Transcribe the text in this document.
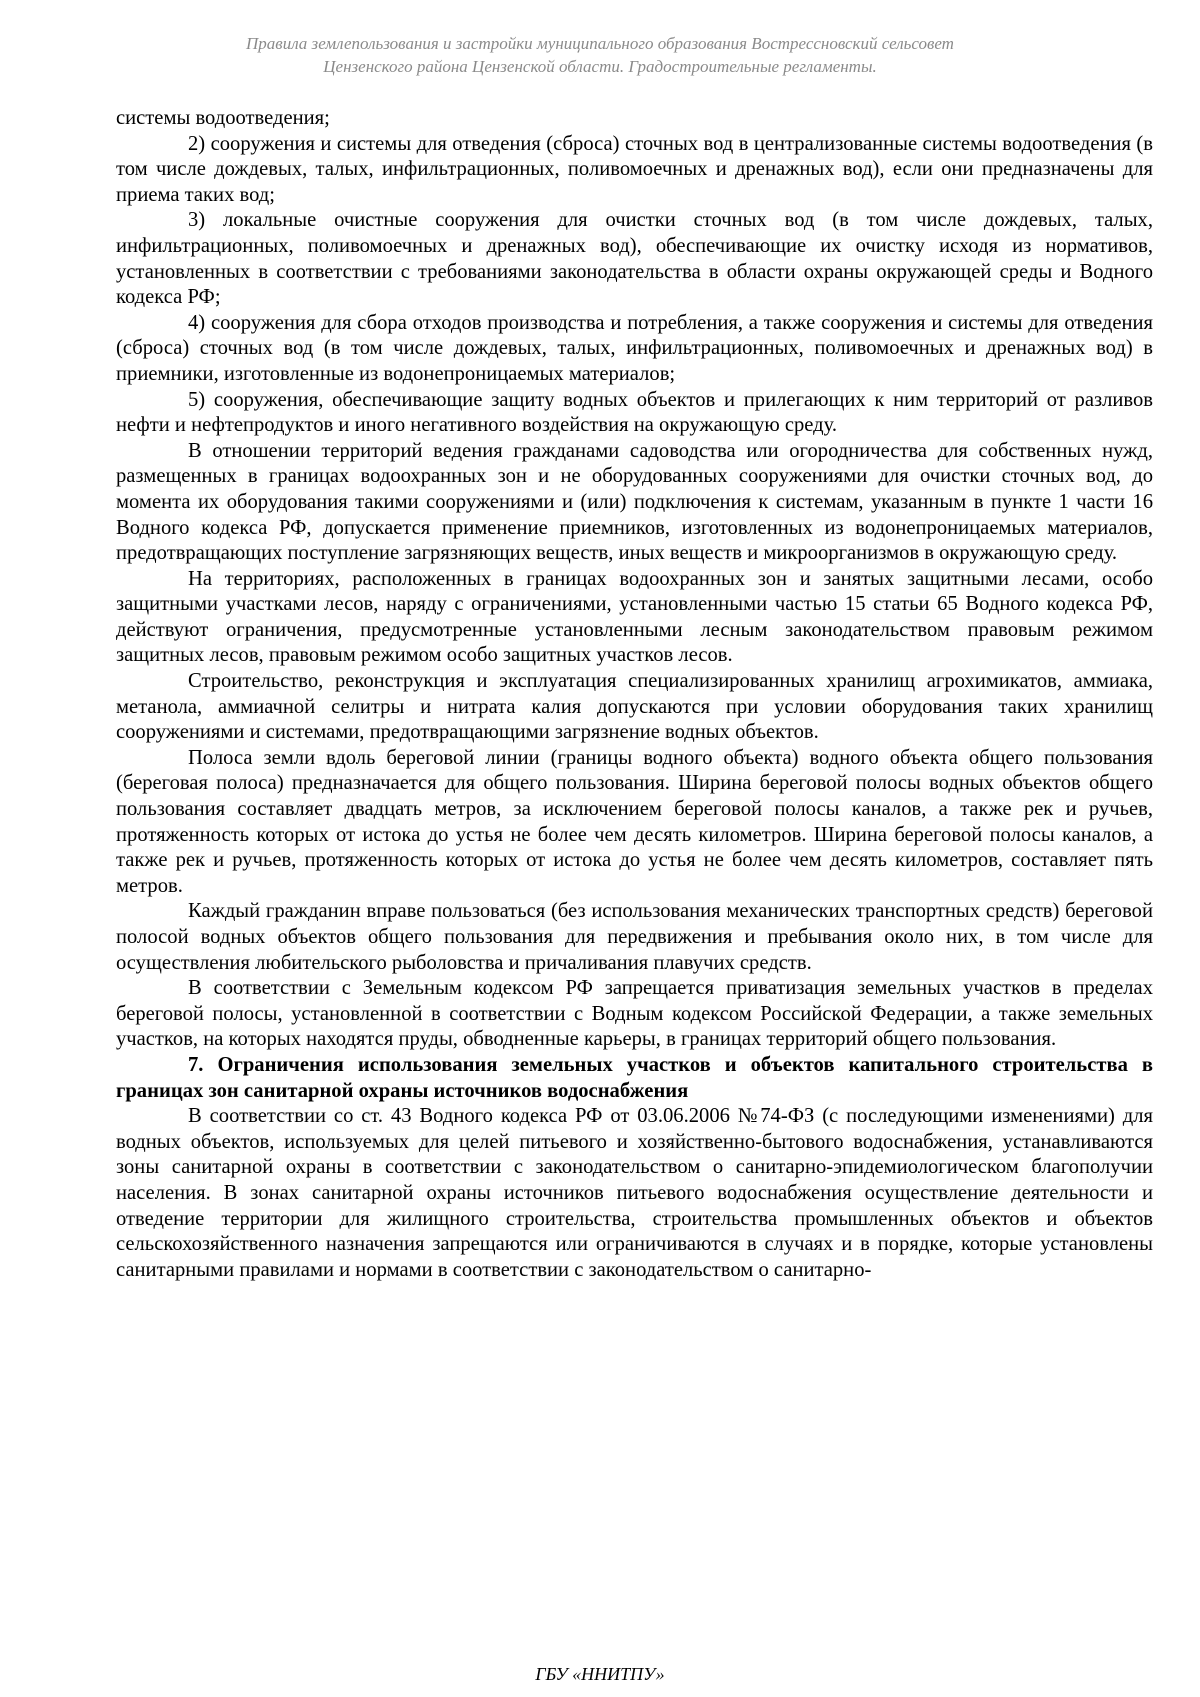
Правила землепользования и застройки муниципального образования Вострессновский сельсовет
Цензенского района Цензенской области. Градостроительные регламенты.

системы водоотведения;

2) сооружения и системы для отведения (сброса) сточных вод в централизованные системы водоотведения (в том числе дождевых, талых, инфильтрационных, поливомоечных и дренажных вод), если они предназначены для приема таких вод;

3) локальные очистные сооружения для очистки сточных вод (в том числе дождевых, талых, инфильтрационных, поливомоечных и дренажных вод), обеспечивающие их очистку исходя из нормативов, установленных в соответствии с требованиями законодательства в области охраны окружающей среды и Водного кодекса РФ;

4) сооружения для сбора отходов производства и потребления, а также сооружения и системы для отведения (сброса) сточных вод (в том числе дождевых, талых, инфильтрационных, поливомоечных и дренажных вод) в приемники, изготовленные из водонепроницаемых материалов;

5) сооружения, обеспечивающие защиту водных объектов и прилегающих к ним территорий от разливов нефти и нефтепродуктов и иного негативного воздействия на окружающую среду.

В отношении территорий ведения гражданами садоводства или огородничества для собственных нужд, размещенных в границах водоохранных зон и не оборудованных сооружениями для очистки сточных вод, до момента их оборудования такими сооружениями и (или) подключения к системам, указанным в пункте 1 части 16 Водного кодекса РФ, допускается применение приемников, изготовленных из водонепроницаемых материалов, предотвращающих поступление загрязняющих веществ, иных веществ и микроорганизмов в окружающую среду.

На территориях, расположенных в границах водоохранных зон и занятых защитными лесами, особо защитными участками лесов, наряду с ограничениями, установленными частью 15 статьи 65 Водного кодекса РФ, действуют ограничения, предусмотренные установленными лесным законодательством правовым режимом защитных лесов, правовым режимом особо защитных участков лесов.

Строительство, реконструкция и эксплуатация специализированных хранилищ агрохимикатов, аммиака, метанола, аммиачной селитры и нитрата калия допускаются при условии оборудования таких хранилищ сооружениями и системами, предотвращающими загрязнение водных объектов.

Полоса земли вдоль береговой линии (границы водного объекта) водного объекта общего пользования (береговая полоса) предназначается для общего пользования. Ширина береговой полосы водных объектов общего пользования составляет двадцать метров, за исключением береговой полосы каналов, а также рек и ручьев, протяженность которых от истока до устья не более чем десять километров. Ширина береговой полосы каналов, а также рек и ручьев, протяженность которых от истока до устья не более чем десять километров, составляет пять метров.

Каждый гражданин вправе пользоваться (без использования механических транспортных средств) береговой полосой водных объектов общего пользования для передвижения и пребывания около них, в том числе для осуществления любительского рыболовства и причаливания плавучих средств.

В соответствии с Земельным кодексом РФ запрещается приватизация земельных участков в пределах береговой полосы, установленной в соответствии с Водным кодексом Российской Федерации, а также земельных участков, на которых находятся пруды, обводненные карьеры, в границах территорий общего пользования.

7. Ограничения использования земельных участков и объектов капитального строительства в границах зон санитарной охраны источников водоснабжения

В соответствии со ст. 43 Водного кодекса РФ от 03.06.2006 №74-ФЗ (с последующими изменениями) для водных объектов, используемых для целей питьевого и хозяйственно-бытового водоснабжения, устанавливаются зоны санитарной охраны в соответствии с законодательством о санитарно-эпидемиологическом благополучии населения. В зонах санитарной охраны источников питьевого водоснабжения осуществление деятельности и отведение территории для жилищного строительства, строительства промышленных объектов и объектов сельскохозяйственного назначения запрещаются или ограничиваются в случаях и в порядке, которые установлены санитарными правилами и нормами в соответствии с законодательством о санитарно-

ГБУ «ННИТПУ»
